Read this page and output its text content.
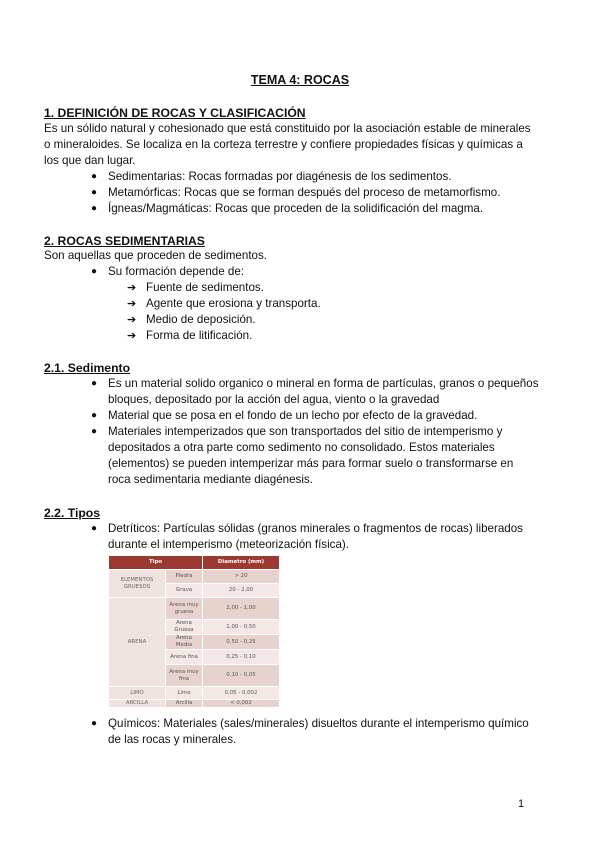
TEMA 4: ROCAS
1. DEFINICIÓN DE ROCAS Y CLASIFICACIÓN
Es un sólido natural y cohesionado que está constituido por la asociación estable de minerales
o mineraloides. Se localiza en la corteza terrestre y confiere propiedades físicas y químicas a
los que dan lugar.
● Sedimentarias: Rocas formadas por diagénesis de los sedimentos.
● Metamórficas: Rocas que se forman después del proceso de metamorfismo.
● Ígneas/Magmáticas: Rocas que proceden de la solidificación del magma.
2. ROCAS SEDIMENTARIAS
Son aquellas que proceden de sedimentos.
● Su formación depende de:
➔ Fuente de sedimentos.
➔ Agente que erosiona y transporta.
➔ Medio de deposición.
➔ Forma de litificación.
2.1. Sedimento
● Es un material solido organico o mineral en forma de partículas, granos o pequeños
bloques, depositado por la acción del agua, viento o la gravedad
● Material que se posa en el fondo de un lecho por efecto de la gravedad.
● Materiales intemperizados que son transportados del sitio de intemperismo y
depositados a otra parte como sedimento no consolidado. Estos materiales
(elementos) se pueden intemperizar más para formar suelo o transformarse en
roca sedimentaria mediante diagénesis.
2.2. Tipos
● Detríticos: Partículas sólidas (granos minerales o fragmentos de rocas) liberados
durante el intemperismo (meteorización física).
Tipo		Diametro (mm)
ELEMENTOS GRUESOS	Piedra	> 20
	Grava	20 - 2,00
ARENA	Arena muy gruesa	2,00 - 1,00
	Arena Gruesa	1,00 - 0,50
	Arena Media	0,50 - 0,25
	Arena fina	0,25 - 0,10
	Arena muy fina	0,10 - 0,05
LIMO	Limo	0,05 - 0,002
ARCILLA	Arcilla	< 0,002
● Químicos: Materiales (sales/minerales) disueltos durante el intemperismo químico
de las rocas y minerales.
1
